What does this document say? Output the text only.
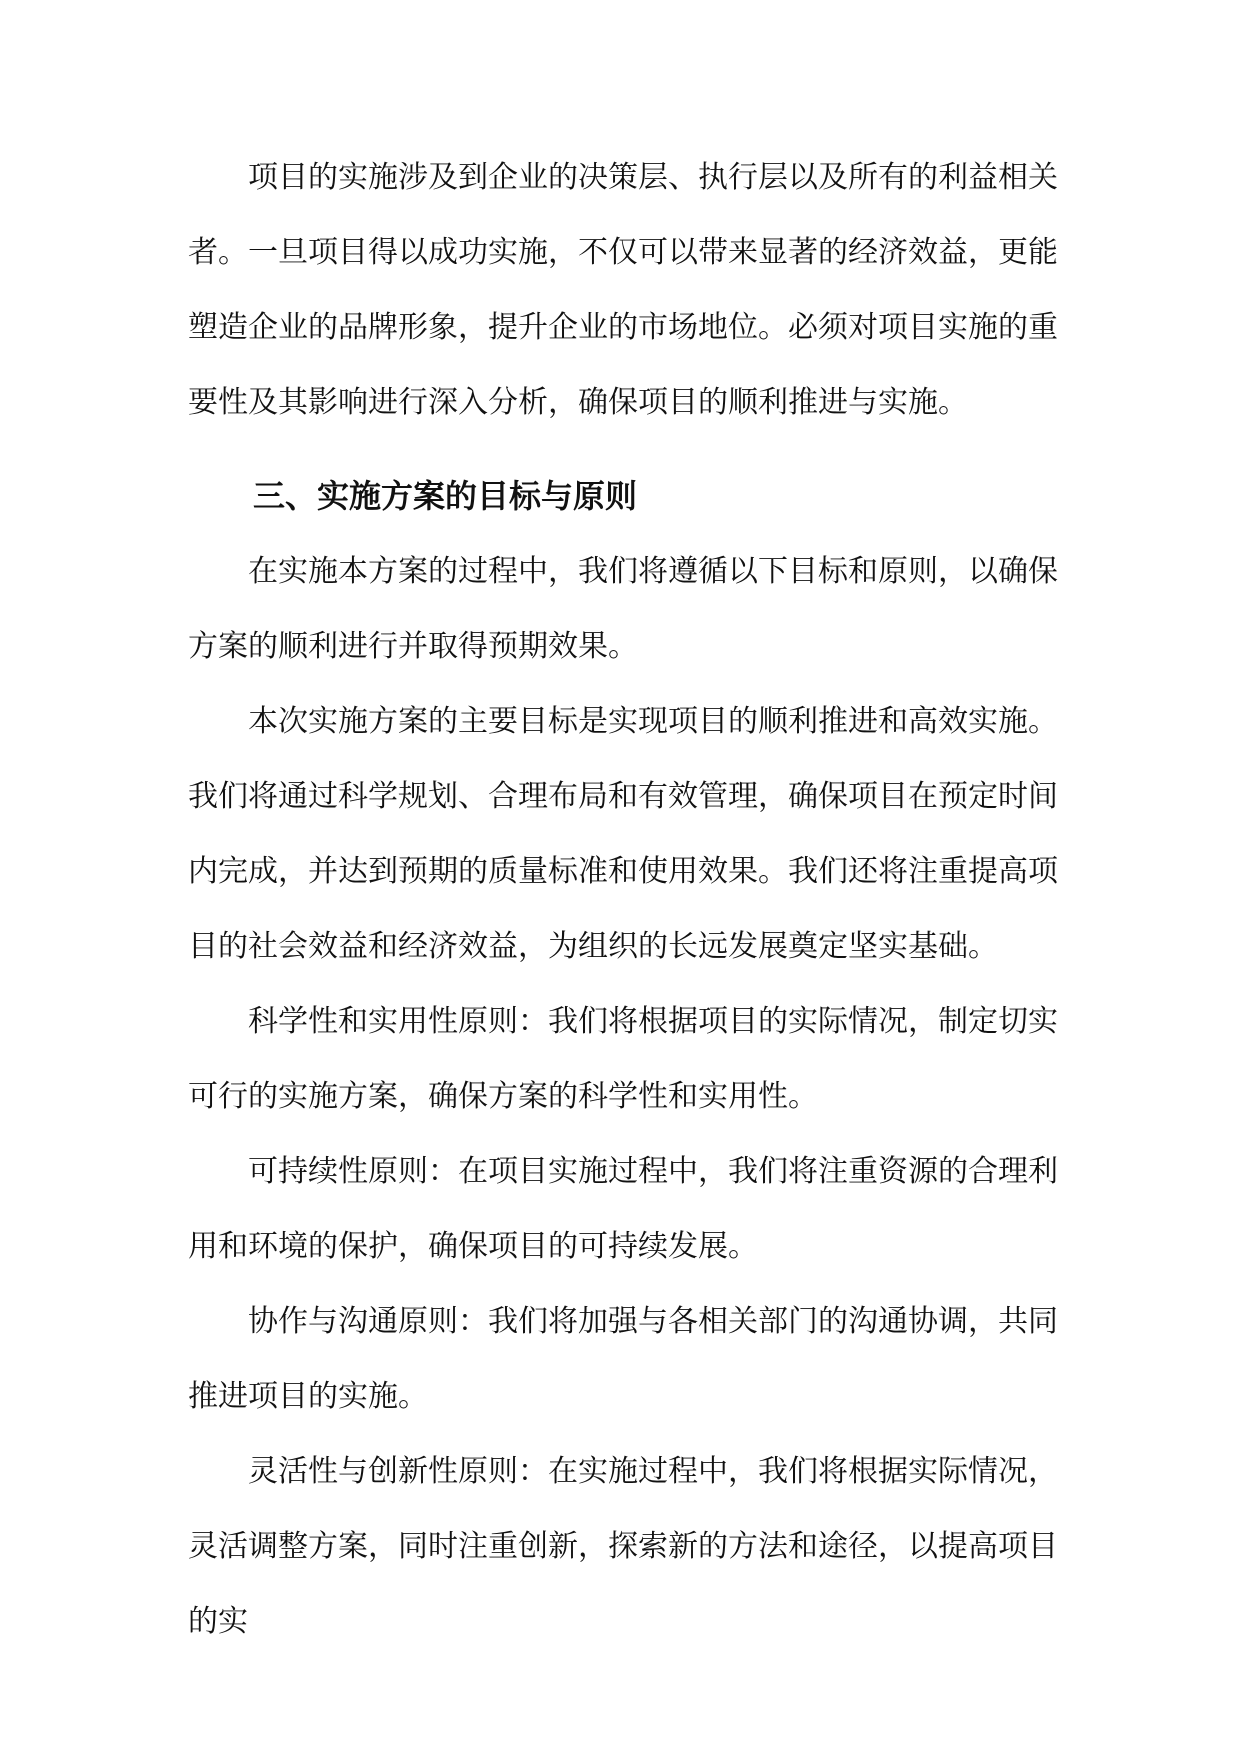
项目的实施涉及到企业的决策层、执行层以及所有的利益相关者。一旦项目得以成功实施，不仅可以带来显著的经济效益，更能塑造企业的品牌形象，提升企业的市场地位。必须对项目实施的重要性及其影响进行深入分析，确保项目的顺利推进与实施。

三、实施方案的目标与原则

在实施本方案的过程中，我们将遵循以下目标和原则，以确保方案的顺利进行并取得预期效果。

本次实施方案的主要目标是实现项目的顺利推进和高效实施。我们将通过科学规划、合理布局和有效管理，确保项目在预定时间内完成，并达到预期的质量标准和使用效果。我们还将注重提高项目的社会效益和经济效益，为组织的长远发展奠定坚实基础。

科学性和实用性原则：我们将根据项目的实际情况，制定切实可行的实施方案，确保方案的科学性和实用性。

可持续性原则：在项目实施过程中，我们将注重资源的合理利用和环境的保护，确保项目的可持续发展。

协作与沟通原则：我们将加强与各相关部门的沟通协调，共同推进项目的实施。

灵活性与创新性原则：在实施过程中，我们将根据实际情况，灵活调整方案，同时注重创新，探索新的方法和途径，以提高项目的实
